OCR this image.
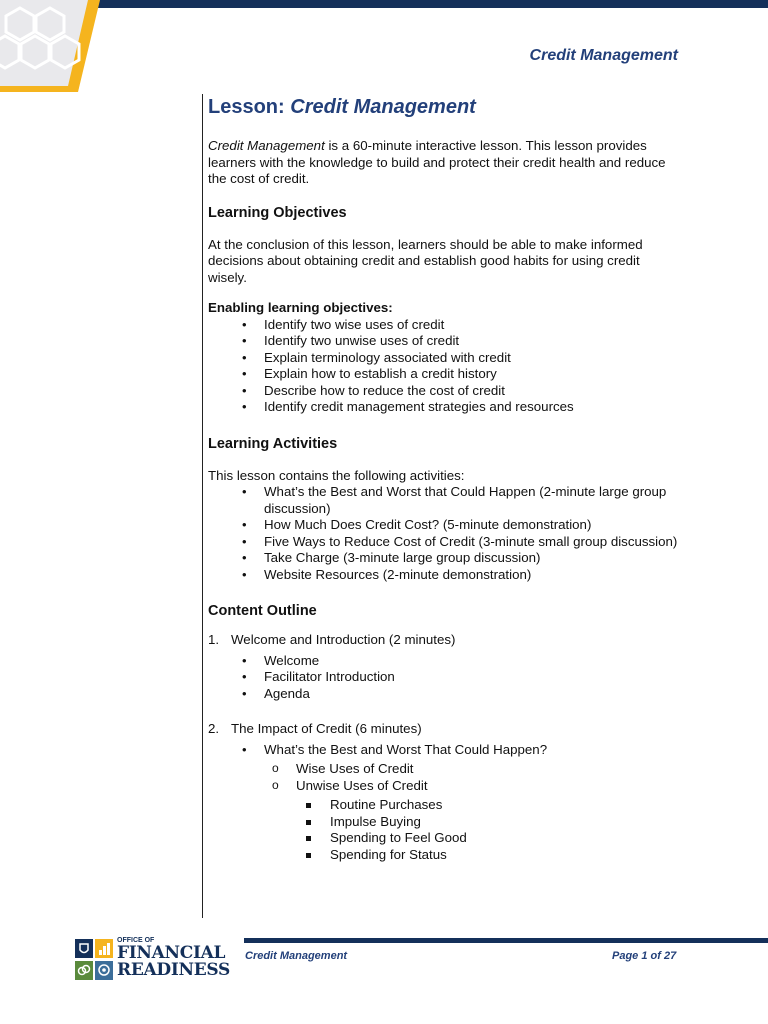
Credit Management
Lesson: Credit Management

Credit Management is a 60-minute interactive lesson. This lesson provides learners with the knowledge to build and protect their credit health and reduce the cost of credit.

Learning Objectives

At the conclusion of this lesson, learners should be able to make informed decisions about obtaining credit and establish good habits for using credit wisely.

Enabling learning objectives:
• Identify two wise uses of credit
• Identify two unwise uses of credit
• Explain terminology associated with credit
• Explain how to establish a credit history
• Describe how to reduce the cost of credit
• Identify credit management strategies and resources
Learning Activities

This lesson contains the following activities:

• What’s the Best and Worst that Could Happen (2-minute large group discussion)
• How Much Does Credit Cost? (5-minute demonstration)
• Five Ways to Reduce Cost of Credit (3-minute small group discussion)
• Take Charge (3-minute large group discussion)
• Website Resources (2-minute demonstration)
Content Outline
1. Welcome and Introduction (2 minutes)
• Welcome
• Facilitator Introduction
• Agenda
2. The Impact of Credit (6 minutes)
• What’s the Best and Worst That Could Happen?
o Wise Uses of Credit
o Unwise Uses of Credit
Routine Purchases
Impulse Buying
Spending to Feel Good
Spending for Status
OFFICE OF
FINANCIAL
READINESS
Credit Management	Page 1 of 27
